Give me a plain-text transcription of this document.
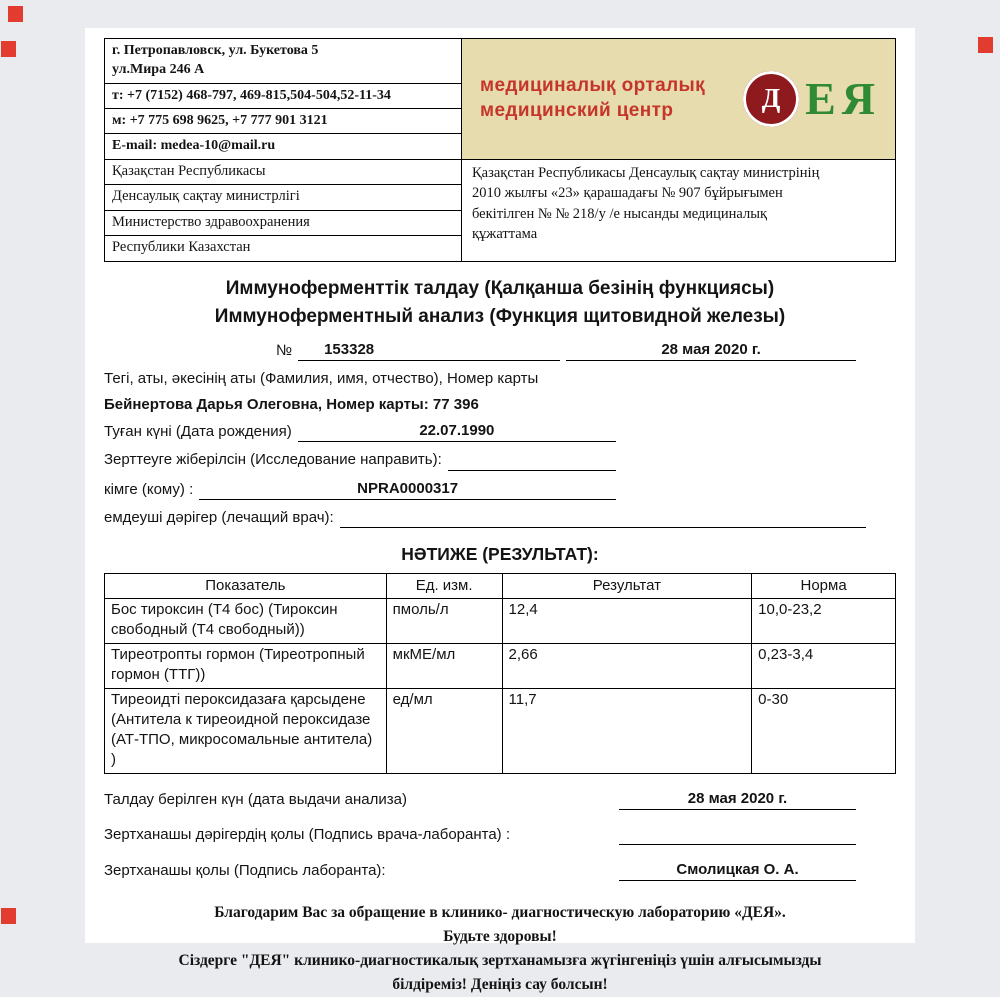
г. Петропавловск, ул. Букетова 5
ул.Мира 246 А
т: +7 (7152) 468-797, 469-815,504-504,52-11-34
м: +7 775 698 9625, +7 777 901 3121
E-mail: medea-10@mail.ru
медициналық орталық
медицинский центр	Д Е Я
Қазақстан Республикасы
Денсаулық сақтау министрлігі
Министерство здравоохранения
Республики Казахстан
Қазақстан Республикасы Денсаулық сақтау министрінің
2010 жылғы «23» қарашадағы № 907 бұйрығымен
бекітілген № № 218/у /е нысанды медициналық
құжаттама
Иммуноферменттік талдау (Қалқанша безінің функциясы)
Иммуноферментный анализ (Функция щитовидной железы)
№ 153328	28 мая 2020 г.
Тегі, аты, әкесінің аты (Фамилия, имя, отчество), Номер карты
Бейнертова Дарья Олеговна, Номер карты: 77 396
Туған күні (Дата рождения)	22.07.1990
Зерттеуге жіберілсін (Исследование направить):
кімге (кому) :	NPRA0000317
емдеуші дәрігер (лечащий врач):
НӘТИЖЕ (РЕЗУЛЬТАТ):
Показатель	Ед. изм.	Результат	Норма
Бос тироксин (Т4 бос) (Тироксин свободный (Т4 свободный))	пмоль/л	12,4	10,0-23,2
Тиреотропты гормон (Тиреотропный гормон (ТТГ))	мкМЕ/мл	2,66	0,23-3,4
Тиреоидті пероксидазаға қарсыдене (Антитела к тиреоидной пероксидазе (АТ-ТПО, микросомальные антитела) )	ед/мл	11,7	0-30
Талдау берілген күн (дата выдачи анализа)	28 мая 2020 г.
Зертханашы дәрігердің қолы (Подпись врача-лаборанта) :
Зертханашы қолы (Подпись лаборанта):	Смолицкая О. А.
Благодарим Вас за обращение в клинико- диагностическую лабораторию «ДЕЯ».
Будьте здоровы!
Сіздерге "ДЕЯ" клинико-диагностикалық зертханамызға жүгінгеніңіз үшін алғысымызды
білдіреміз! Деніңіз сау болсын!
